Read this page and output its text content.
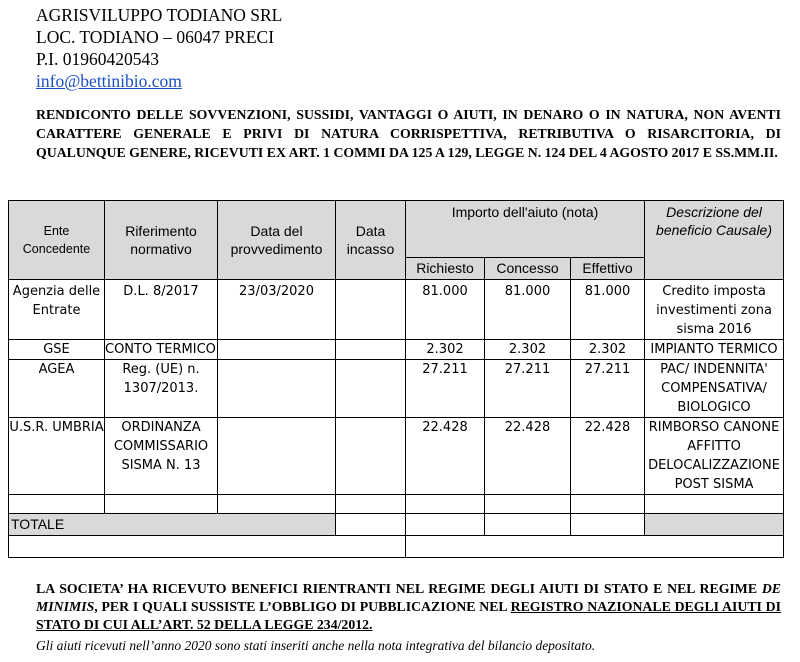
AGRISVILUPPO TODIANO SRL
LOC. TODIANO – 06047 PRECI
P.I. 01960420543
info@bettinibio.com
RENDICONTO DELLE SOVVENZIONI, SUSSIDI, VANTAGGI O AIUTI, IN DENARO O IN NATURA, NON AVENTI CARATTERE GENERALE E PRIVI DI NATURA CORRISPETTIVA, RETRIBUTIVA O RISARCITORIA, DI QUALUNQUE GENERE, RICEVUTI EX ART. 1 COMMI DA 125 A 129, LEGGE N. 124 DEL 4 AGOSTO 2017 E SS.MM.II.
Ente Concedente	Riferimento normativo	Data del provvedimento	Data incasso	Importo dell'aiuto (nota)			Descrizione del beneficio Causale)
				Richiesto	Concesso	Effettivo	
Agenzia delle Entrate	D.L. 8/2017	23/03/2020		81.000	81.000	81.000	Credito imposta investimenti zona sisma 2016
GSE	CONTO TERMICO			2.302	2.302	2.302	IMPIANTO TERMICO
AGEA	Reg. (UE) n. 1307/2013.			27.211	27.211	27.211	PAC/ INDENNITA' COMPENSATIVA/ BIOLOGICO
U.S.R. UMBRIA	ORDINANZA COMMISSARIO SISMA N. 13			22.428	22.428	22.428	RIMBORSO CANONE AFFITTO DELOCALIZZAZIONE POST SISMA

TOTALE							

LA SOCIETA’ HA RICEVUTO BENEFICI RIENTRANTI NEL REGIME DEGLI AIUTI DI STATO E NEL REGIME DE MINIMIS, PER I QUALI SUSSISTE L’OBBLIGO DI PUBBLICAZIONE NEL REGISTRO NAZIONALE DEGLI AIUTI DI STATO DI CUI ALL’ART. 52 DELLA LEGGE 234/2012.
Gli aiuti ricevuti nell’anno 2020 sono stati inseriti anche nella nota integrativa del bilancio depositato.
